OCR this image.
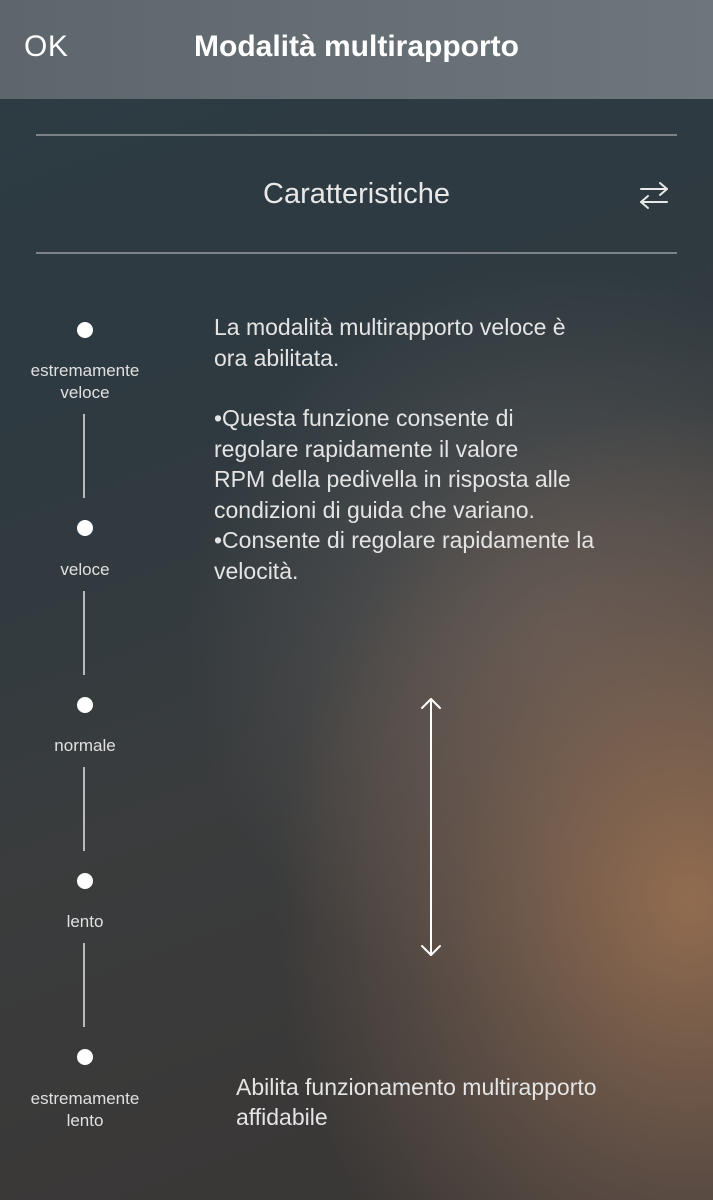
OK	Modalità multirapporto
Caratteristiche
estremamente
veloce
veloce
normale
lento
estremamente
lento

La modalità multirapporto veloce è

ora abilitata.

•Questa funzione consente di

regolare rapidamente il valore

RPM della pedivella in risposta alle

condizioni di guida che variano.

•Consente di regolare rapidamente la

velocità.

Abilita funzionamento multirapporto
affidabile
